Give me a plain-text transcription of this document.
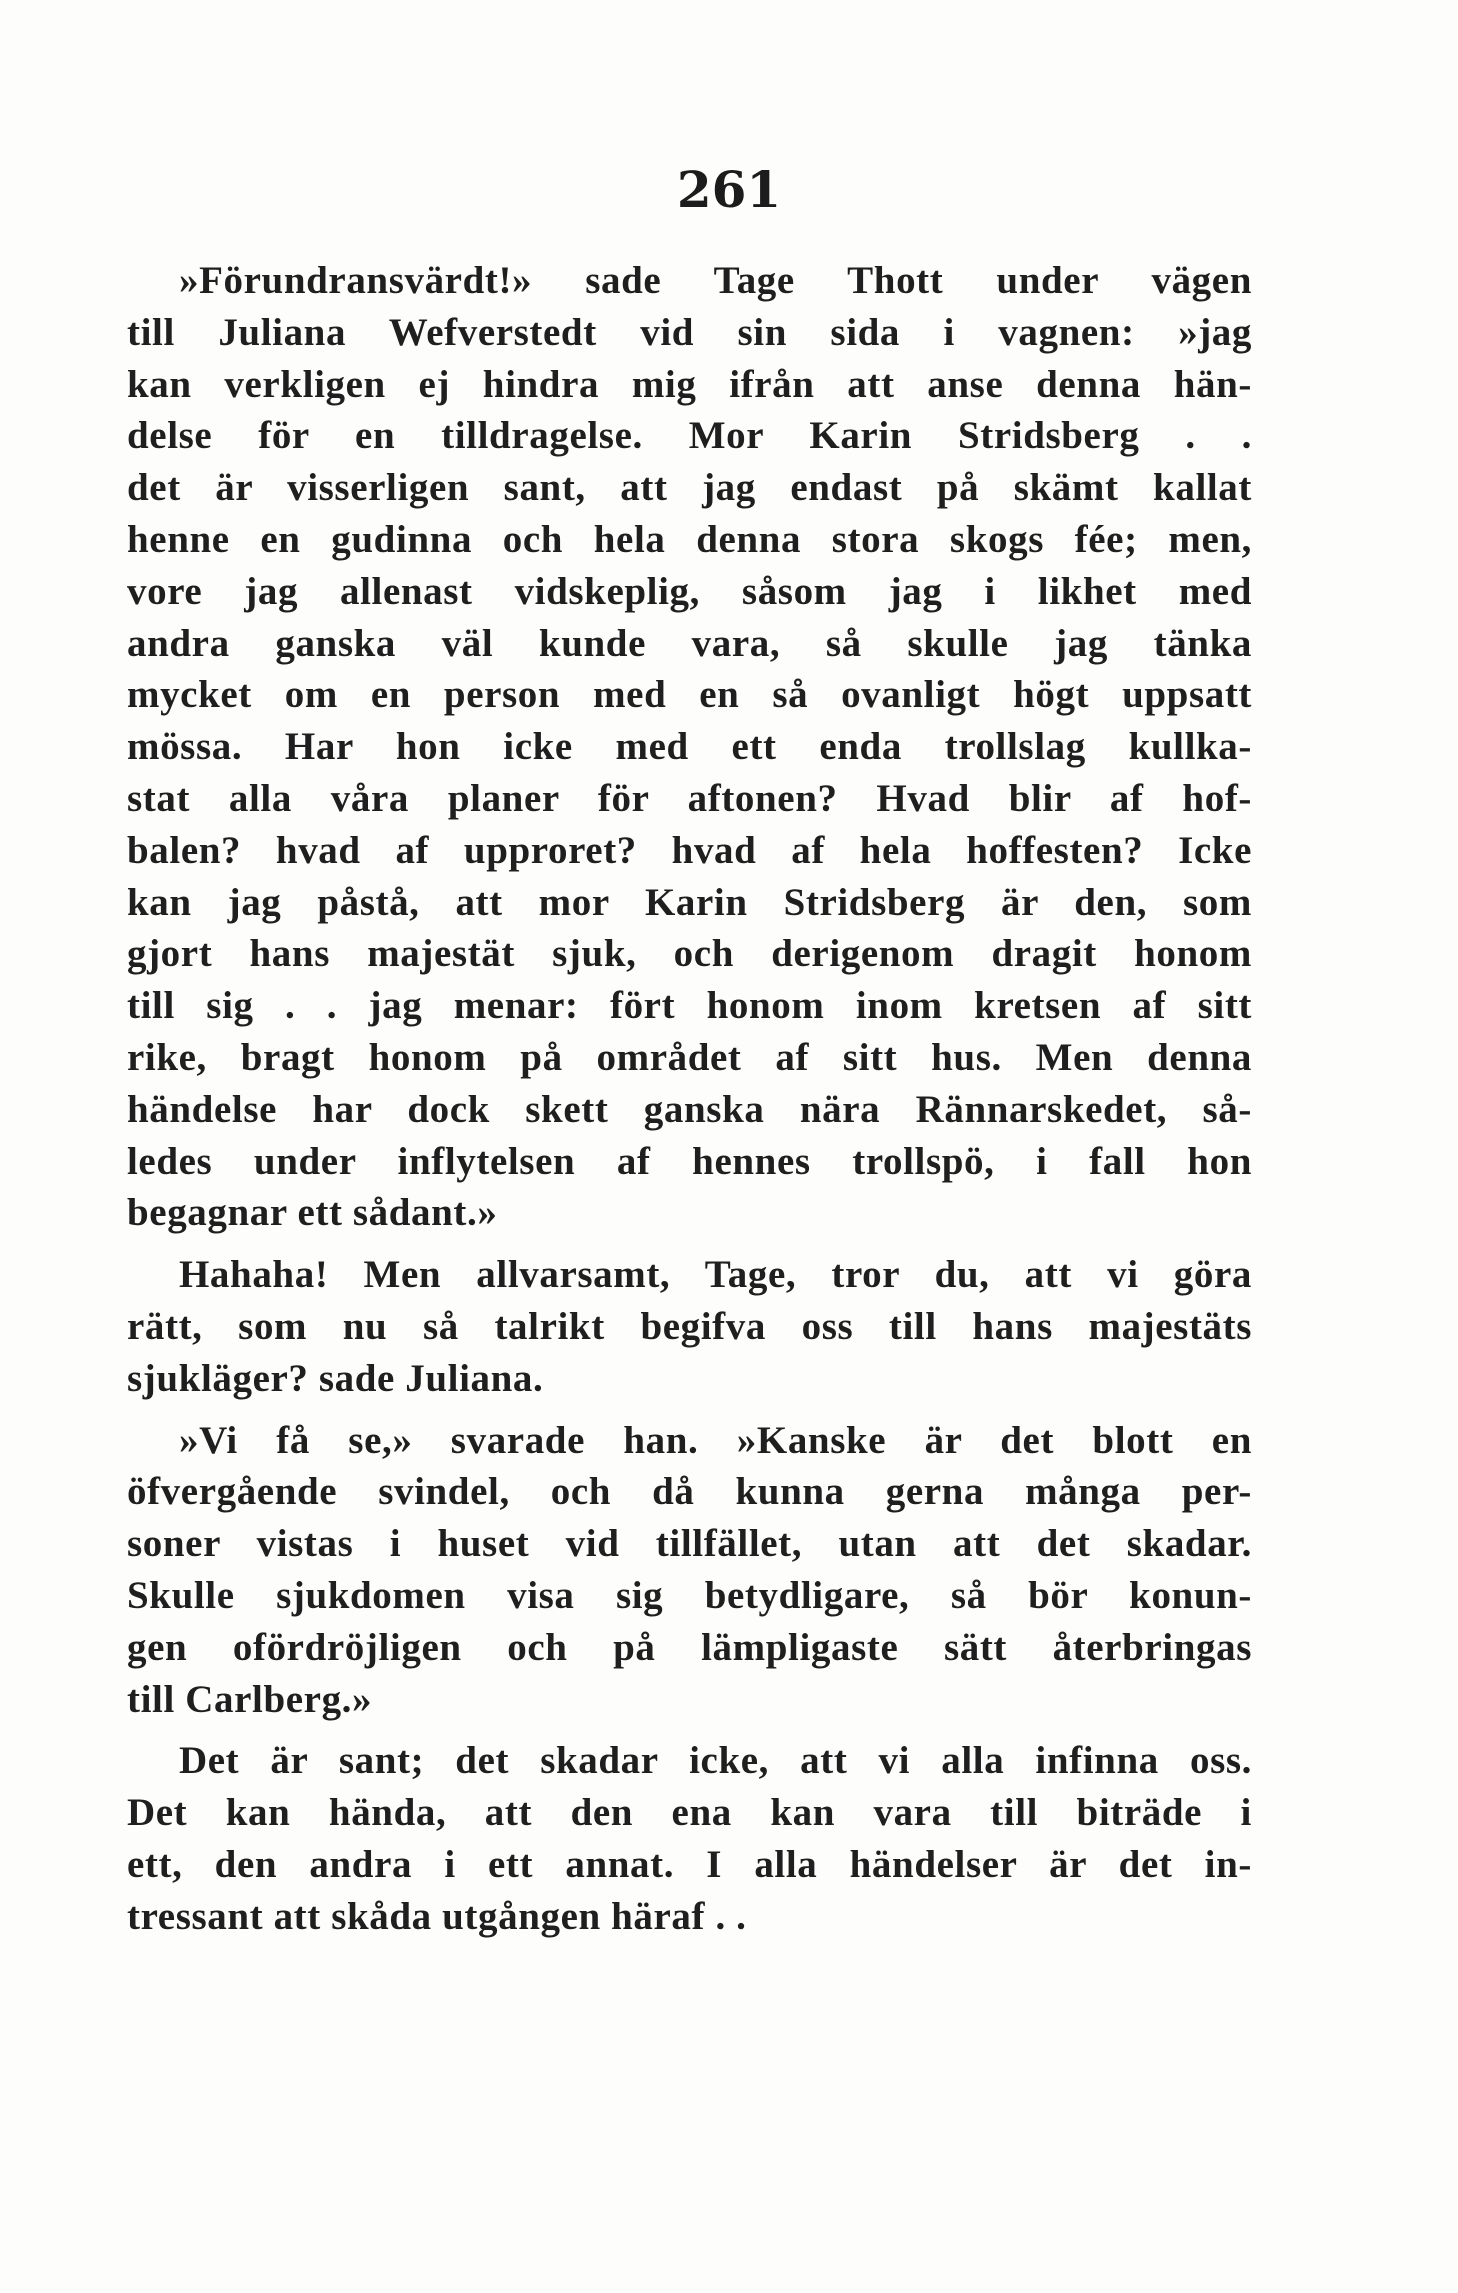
261
»Förundransvärdt!» sade Tage Thott under vägen
till Juliana Wefverstedt vid sin sida i vagnen: »jag
kan verkligen ej hindra mig ifrån att anse denna hän-
delse för en tilldragelse. Mor Karin Stridsberg . .
det är visserligen sant, att jag endast på skämt kallat
henne en gudinna och hela denna stora skogs fée; men,
vore jag allenast vidskeplig, såsom jag i likhet med
andra ganska väl kunde vara, så skulle jag tänka
mycket om en person med en så ovanligt högt uppsatt
mössa. Har hon icke med ett enda trollslag kullka-
stat alla våra planer för aftonen? Hvad blir af hof-
balen? hvad af upproret? hvad af hela hoffesten? Icke
kan jag påstå, att mor Karin Stridsberg är den, som
gjort hans majestät sjuk, och derigenom dragit honom
till sig . . jag menar: fört honom inom kretsen af sitt
rike, bragt honom på området af sitt hus. Men denna
händelse har dock skett ganska nära Rännarskedet, så-
ledes under inflytelsen af hennes trollspö, i fall hon
begagnar ett sådant.»
Hahaha! Men allvarsamt, Tage, tror du, att vi göra
rätt, som nu så talrikt begifva oss till hans majestäts
sjukläger? sade Juliana.
»Vi få se,» svarade han. »Kanske är det blott en
öfvergående svindel, och då kunna gerna många per-
soner vistas i huset vid tillfället, utan att det skadar.
Skulle sjukdomen visa sig betydligare, så bör konun-
gen ofördröjligen och på lämpligaste sätt återbringas
till Carlberg.»
Det är sant; det skadar icke, att vi alla infinna oss.
Det kan hända, att den ena kan vara till biträde i
ett, den andra i ett annat. I alla händelser är det in-
tressant att skåda utgången häraf . .
